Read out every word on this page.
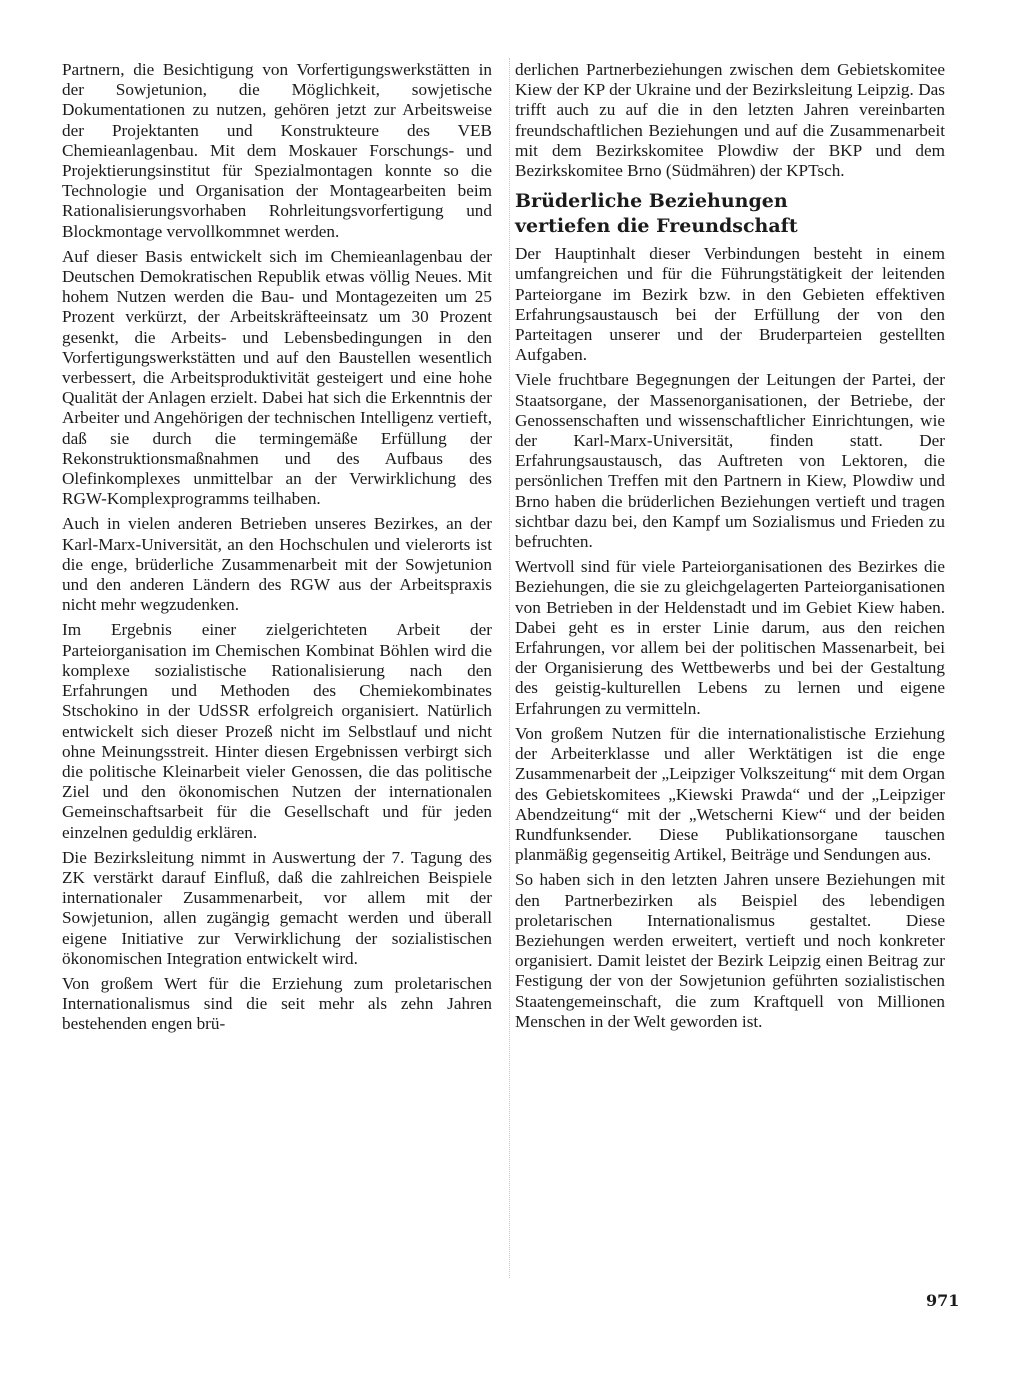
Partnern, die Besichtigung von Vorfertigungswerkstätten in der Sowjetunion, die Möglichkeit, sowjetische Dokumentationen zu nutzen, gehören jetzt zur Arbeitsweise der Projektanten und Konstrukteure des VEB Chemieanlagenbau. Mit dem Moskauer Forschungs- und Projektierungsinstitut für Spezialmontagen konnte so die Technologie und Organisation der Montagearbeiten beim Rationalisierungsvorhaben Rohrleitungsvorfertigung und Blockmontage vervollkommnet werden.

Auf dieser Basis entwickelt sich im Chemieanlagenbau der Deutschen Demokratischen Republik etwas völlig Neues. Mit hohem Nutzen werden die Bau- und Montagezeiten um 25 Prozent verkürzt, der Arbeitskräfteeinsatz um 30 Prozent gesenkt, die Arbeits- und Lebensbedingungen in den Vorfertigungswerkstätten und auf den Baustellen wesentlich verbessert, die Arbeitsproduktivität gesteigert und eine hohe Qualität der Anlagen erzielt. Dabei hat sich die Erkenntnis der Arbeiter und Angehörigen der technischen Intelligenz vertieft, daß sie durch die termingemäße Erfüllung der Rekonstruktionsmaßnahmen und des Aufbaus des Olefinkomplexes unmittelbar an der Verwirklichung des RGW-Komplexprogramms teilhaben.

Auch in vielen anderen Betrieben unseres Bezirkes, an der Karl-Marx-Universität, an den Hochschulen und vielerorts ist die enge, brüderliche Zusammenarbeit mit der Sowjetunion und den anderen Ländern des RGW aus der Arbeitspraxis nicht mehr wegzudenken.

Im Ergebnis einer zielgerichteten Arbeit der Parteiorganisation im Chemischen Kombinat Böhlen wird die komplexe sozialistische Rationalisierung nach den Erfahrungen und Methoden des Chemiekombinates Stschokino in der UdSSR erfolgreich organisiert. Natürlich entwickelt sich dieser Prozeß nicht im Selbstlauf und nicht ohne Meinungsstreit. Hinter diesen Ergebnissen verbirgt sich die politische Kleinarbeit vieler Genossen, die das politische Ziel und den ökonomischen Nutzen der internationalen Gemeinschaftsarbeit für die Gesellschaft und für jeden einzelnen geduldig erklären.

Die Bezirksleitung nimmt in Auswertung der 7. Tagung des ZK verstärkt darauf Einfluß, daß die zahlreichen Beispiele internationaler Zusammenarbeit, vor allem mit der Sowjetunion, allen zugängig gemacht werden und überall eigene Initiative zur Verwirklichung der sozialistischen ökonomischen Integration entwickelt wird.

Von großem Wert für die Erziehung zum proletarischen Internationalismus sind die seit mehr als zehn Jahren bestehenden engen brü-

derlichen Partnerbeziehungen zwischen dem Gebietskomitee Kiew der KP der Ukraine und der Bezirksleitung Leipzig. Das trifft auch zu auf die in den letzten Jahren vereinbarten freundschaftlichen Beziehungen und auf die Zusammenarbeit mit dem Bezirkskomitee Plowdiw der BKP und dem Bezirkskomitee Brno (Südmähren) der KPTsch.

Brüderliche Beziehungen vertiefen die Freundschaft

Der Hauptinhalt dieser Verbindungen besteht in einem umfangreichen und für die Führungstätigkeit der leitenden Parteiorgane im Bezirk bzw. in den Gebieten effektiven Erfahrungsaustausch bei der Erfüllung der von den Parteitagen unserer und der Bruderparteien gestellten Aufgaben.

Viele fruchtbare Begegnungen der Leitungen der Partei, der Staatsorgane, der Massenorganisationen, der Betriebe, der Genossenschaften und wissenschaftlicher Einrichtungen, wie der Karl-Marx-Universität, finden statt. Der Erfahrungsaustausch, das Auftreten von Lektoren, die persönlichen Treffen mit den Partnern in Kiew, Plowdiw und Brno haben die brüderlichen Beziehungen vertieft und tragen sichtbar dazu bei, den Kampf um Sozialismus und Frieden zu befruchten.

Wertvoll sind für viele Parteiorganisationen des Bezirkes die Beziehungen, die sie zu gleichgelagerten Parteiorganisationen von Betrieben in der Heldenstadt und im Gebiet Kiew haben. Dabei geht es in erster Linie darum, aus den reichen Erfahrungen, vor allem bei der politischen Massenarbeit, bei der Organisierung des Wettbewerbs und bei der Gestaltung des geistig-kulturellen Lebens zu lernen und eigene Erfahrungen zu vermitteln.

Von großem Nutzen für die internationalistische Erziehung der Arbeiterklasse und aller Werktätigen ist die enge Zusammenarbeit der „Leipziger Volkszeitung“ mit dem Organ des Gebietskomitees „Kiewski Prawda“ und der „Leipziger Abendzeitung“ mit der „Wetscherni Kiew“ und der beiden Rundfunksender. Diese Publikationsorgane tauschen planmäßig gegenseitig Artikel, Beiträge und Sendungen aus.

So haben sich in den letzten Jahren unsere Beziehungen mit den Partnerbezirken als Beispiel des lebendigen proletarischen Internationalismus gestaltet. Diese Beziehungen werden erweitert, vertieft und noch konkreter organisiert. Damit leistet der Bezirk Leipzig einen Beitrag zur Festigung der von der Sowjetunion geführten sozialistischen Staatengemeinschaft, die zum Kraftquell von Millionen Menschen in der Welt geworden ist.

971
